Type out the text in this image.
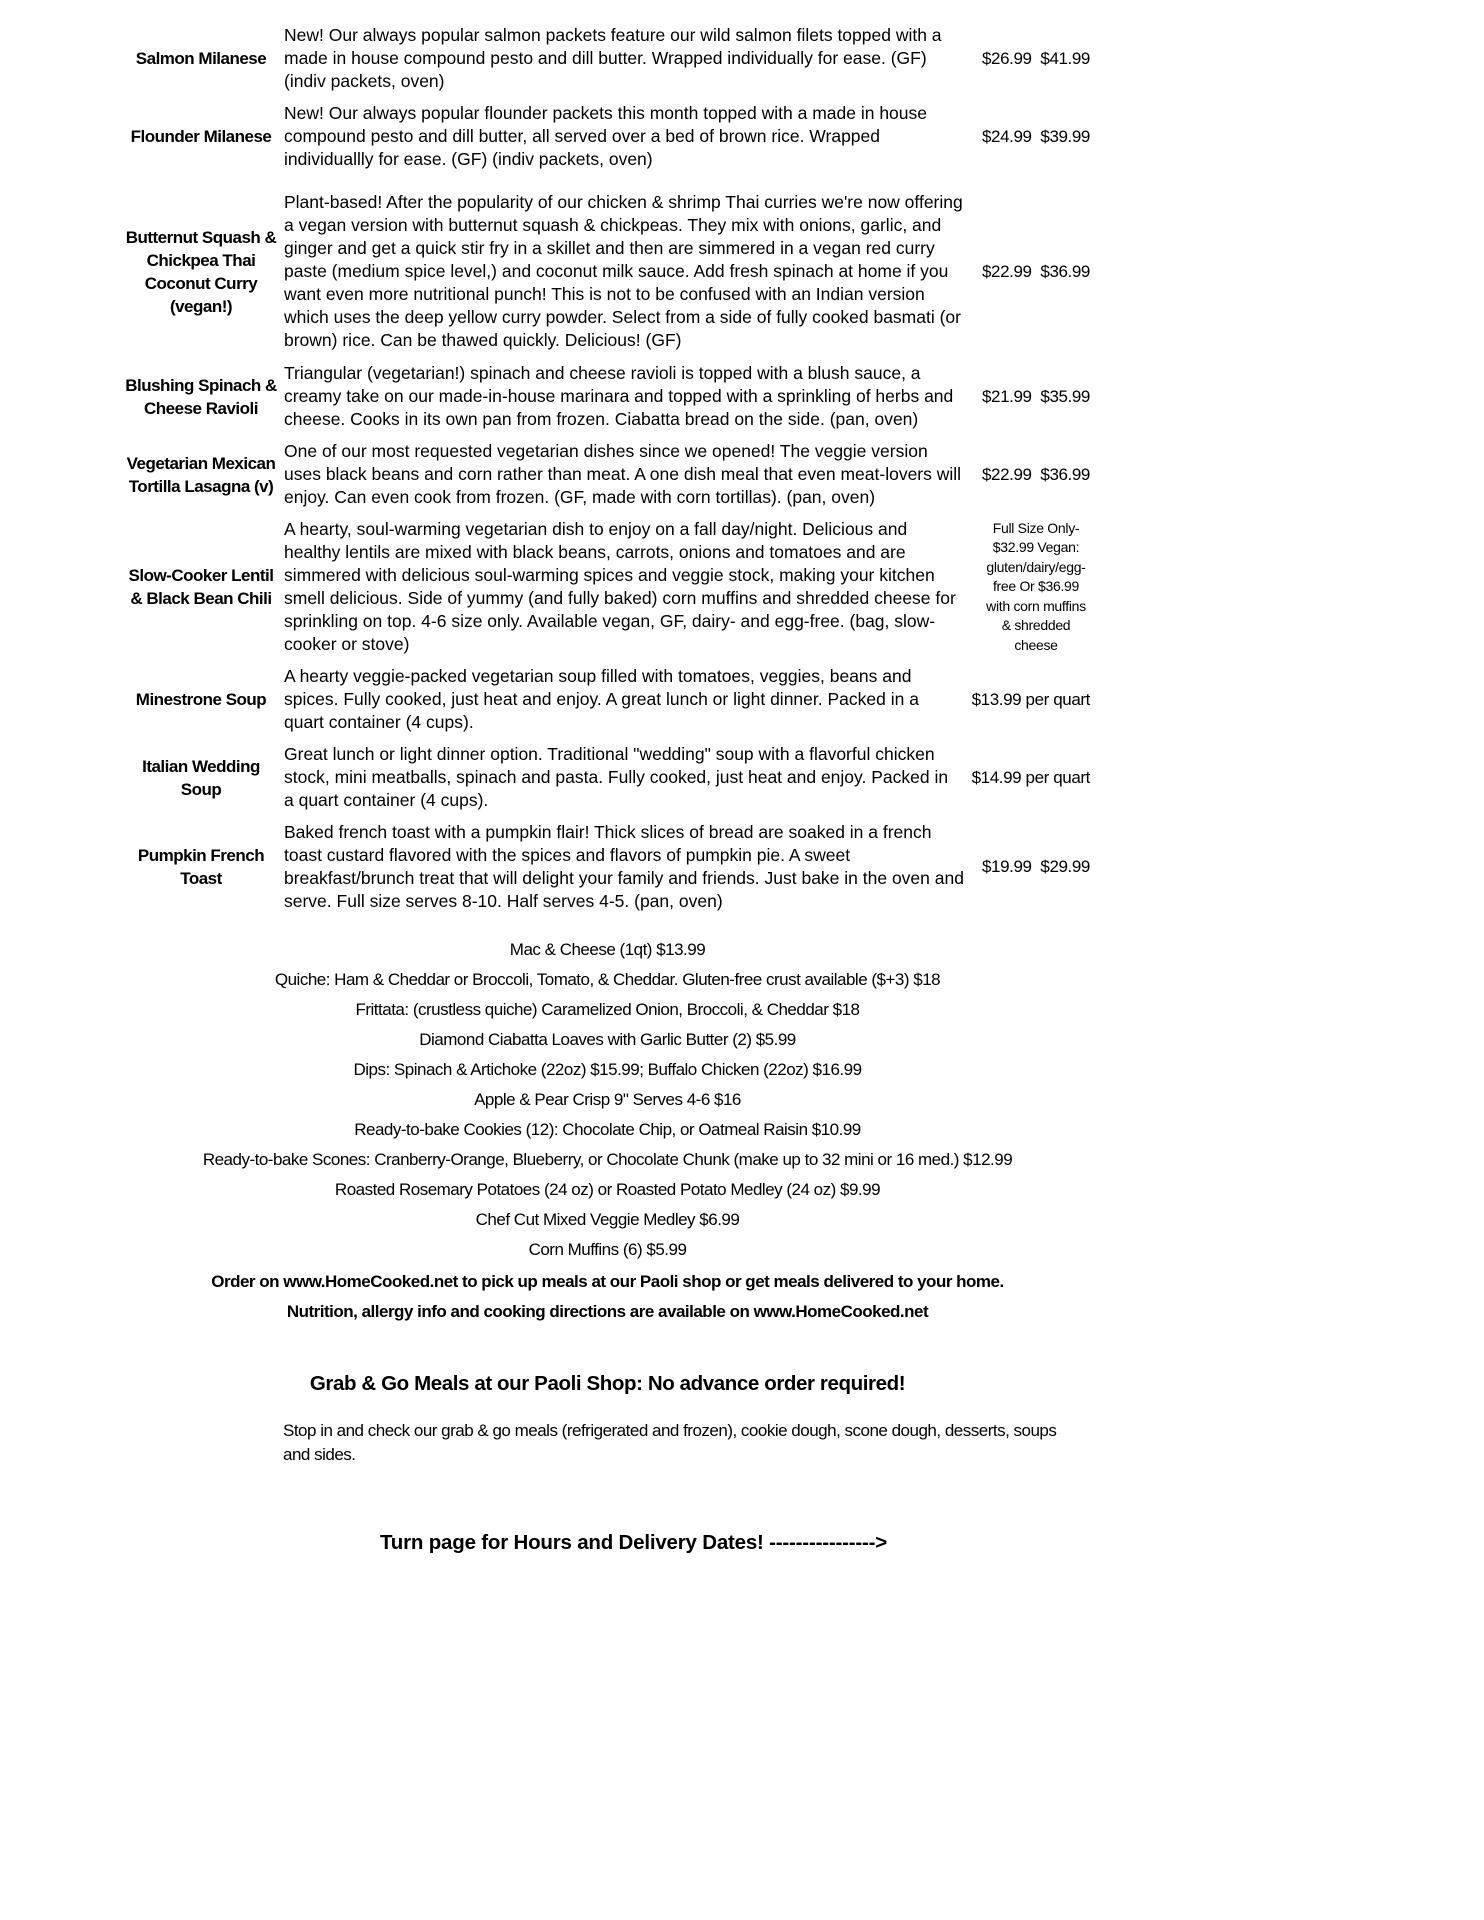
Salmon Milanese
New! Our always popular salmon packets feature our wild salmon filets topped with a made in house compound pesto and dill butter. Wrapped individually for ease. (GF) (indiv packets, oven)
$26.99 $41.99
Flounder Milanese
New! Our always popular flounder packets this month topped with a made in house compound pesto and dill butter, all served over a bed of brown rice. Wrapped individuallly for ease. (GF) (indiv packets, oven)
$24.99 $39.99
Butternut Squash & Chickpea Thai Coconut Curry (vegan!)
Plant-based! After the popularity of our chicken & shrimp Thai curries we're now offering a vegan version with butternut squash & chickpeas. They mix with onions, garlic, and ginger and get a quick stir fry in a skillet and then are simmered in a vegan red curry paste (medium spice level,) and coconut milk sauce. Add fresh spinach at home if you want even more nutritional punch! This is not to be confused with an Indian version which uses the deep yellow curry powder. Select from a side of fully cooked basmati (or brown) rice. Can be thawed quickly. Delicious! (GF)
$22.99 $36.99
Blushing Spinach & Cheese Ravioli
Triangular (vegetarian!) spinach and cheese ravioli is topped with a blush sauce, a creamy take on our made-in-house marinara and topped with a sprinkling of herbs and cheese. Cooks in its own pan from frozen. Ciabatta bread on the side. (pan, oven)
$21.99 $35.99
Vegetarian Mexican Tortilla Lasagna (v)
One of our most requested vegetarian dishes since we opened! The veggie version uses black beans and corn rather than meat. A one dish meal that even meat-lovers will enjoy. Can even cook from frozen. (GF, made with corn tortillas). (pan, oven)
$22.99 $36.99
Slow-Cooker Lentil & Black Bean Chili
A hearty, soul-warming vegetarian dish to enjoy on a fall day/night. Delicious and healthy lentils are mixed with black beans, carrots, onions and tomatoes and are simmered with delicious soul-warming spices and veggie stock, making your kitchen smell delicious. Side of yummy (and fully baked) corn muffins and shredded cheese for sprinkling on top. 4-6 size only. Available vegan, GF, dairy- and egg-free. (bag, slow-cooker or stove)
Full Size Only- $32.99 Vegan: gluten/dairy/egg-free Or $36.99 with corn muffins & shredded cheese
Minestrone Soup
A hearty veggie-packed vegetarian soup filled with tomatoes, veggies, beans and spices. Fully cooked, just heat and enjoy. A great lunch or light dinner. Packed in a quart container (4 cups).
$13.99 per quart
Italian Wedding Soup
Great lunch or light dinner option. Traditional "wedding" soup with a flavorful chicken stock, mini meatballs, spinach and pasta. Fully cooked, just heat and enjoy. Packed in a quart container (4 cups).
$14.99 per quart
Pumpkin French Toast
Baked french toast with a pumpkin flair! Thick slices of bread are soaked in a french toast custard flavored with the spices and flavors of pumpkin pie. A sweet breakfast/brunch treat that will delight your family and friends. Just bake in the oven and serve. Full size serves 8-10. Half serves 4-5. (pan, oven)
$19.99 $29.99
Mac & Cheese (1qt) $13.99
Quiche: Ham & Cheddar or Broccoli, Tomato, & Cheddar. Gluten-free crust available ($+3) $18
Frittata: (crustless quiche) Caramelized Onion, Broccoli, & Cheddar $18
Diamond Ciabatta Loaves with Garlic Butter (2) $5.99
Dips: Spinach & Artichoke (22oz) $15.99; Buffalo Chicken (22oz) $16.99
Apple & Pear Crisp 9" Serves 4-6 $16
Ready-to-bake Cookies (12): Chocolate Chip, or Oatmeal Raisin $10.99
Ready-to-bake Scones: Cranberry-Orange, Blueberry, or Chocolate Chunk (make up to 32 mini or 16 med.) $12.99
Roasted Rosemary Potatoes (24 oz) or Roasted Potato Medley (24 oz) $9.99
Chef Cut Mixed Veggie Medley $6.99
Corn Muffins (6) $5.99
Order on www.HomeCooked.net to pick up meals at our Paoli shop or get meals delivered to your home.
Nutrition, allergy info and cooking directions are available on www.HomeCooked.net
Grab & Go Meals at our Paoli Shop: No advance order required!
Stop in and check our grab & go meals (refrigerated and frozen), cookie dough, scone dough, desserts, soups and sides.
Turn page for Hours and Delivery Dates! ---------------->
